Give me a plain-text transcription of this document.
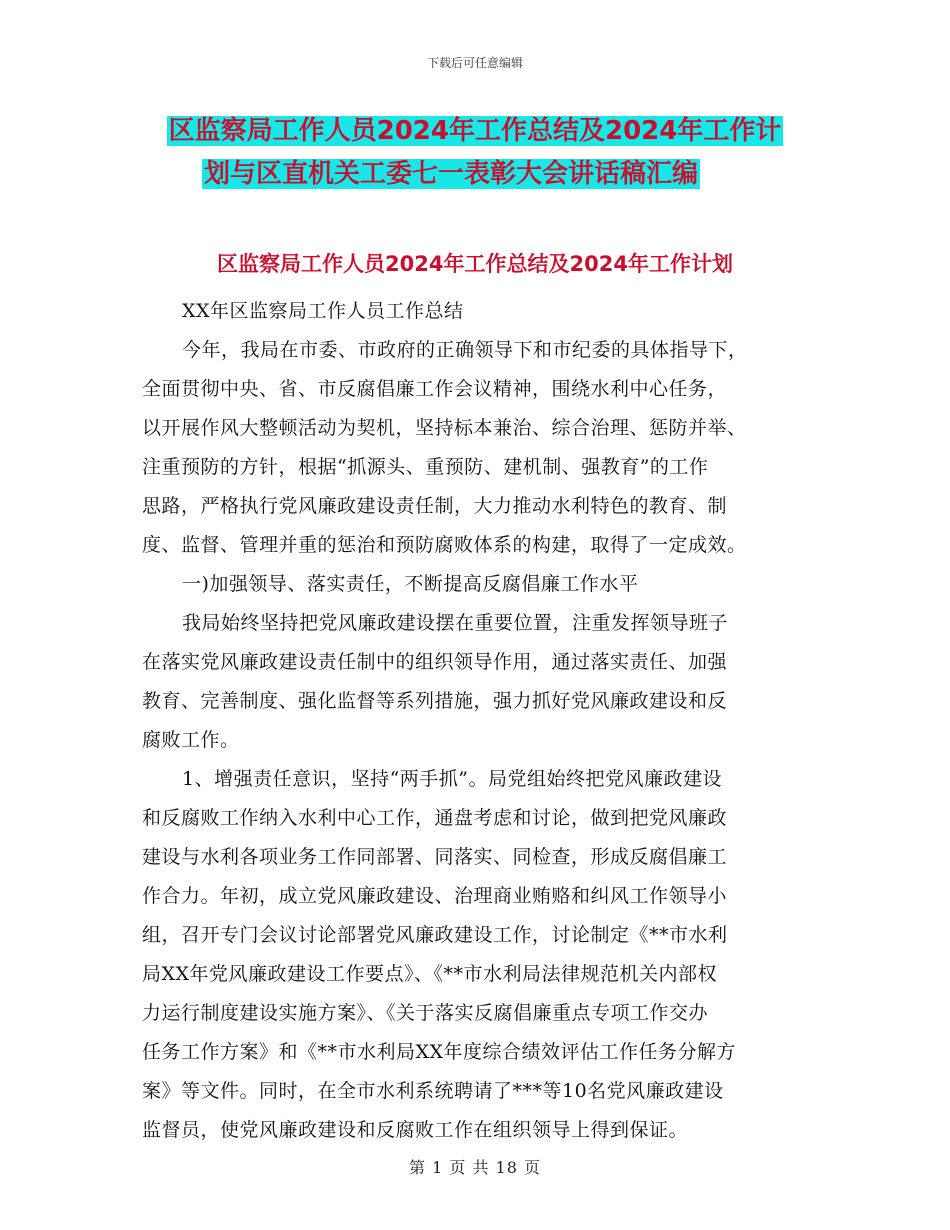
下载后可任意编辑
区监察局工作人员2024年工作总结及2024年工作计
划与区直机关工委七一表彰大会讲话稿汇编
区监察局工作人员2024年工作总结及2024年工作计划

XX年区监察局工作人员工作总结

今年，我局在市委、市政府的正确领导下和市纪委的具体指导下，
全面贯彻中央、省、市反腐倡廉工作会议精神，围绕水利中心任务，
以开展作风大整顿活动为契机，坚持标本兼治、综合治理、惩防并举、
注重预防的方针，根据“抓源头、重预防、建机制、强教育”的工作
思路，严格执行党风廉政建设责任制，大力推动水利特色的教育、制
度、监督、管理并重的惩治和预防腐败体系的构建，取得了一定成效。

一)加强领导、落实责任，不断提高反腐倡廉工作水平

我局始终坚持把党风廉政建设摆在重要位置，注重发挥领导班子
在落实党风廉政建设责任制中的组织领导作用，通过落实责任、加强
教育、完善制度、强化监督等系列措施，强力抓好党风廉政建设和反
腐败工作。

1、增强责任意识，坚持“两手抓”。局党组始终把党风廉政建设
和反腐败工作纳入水利中心工作，通盘考虑和讨论，做到把党风廉政
建设与水利各项业务工作同部署、同落实、同检查，形成反腐倡廉工
作合力。年初，成立党风廉政建设、治理商业贿赂和纠风工作领导小
组，召开专门会议讨论部署党风廉政建设工作，讨论制定《**市水利
局XX年党风廉政建设工作要点》、《**市水利局法律规范机关内部权
力运行制度建设实施方案》、《关于落实反腐倡廉重点专项工作交办
任务工作方案》和《**市水利局XX年度综合绩效评估工作任务分解方
案》等文件。同时，在全市水利系统聘请了***等10名党风廉政建设
监督员，使党风廉政建设和反腐败工作在组织领导上得到保证。

第 1 页 共 18 页
